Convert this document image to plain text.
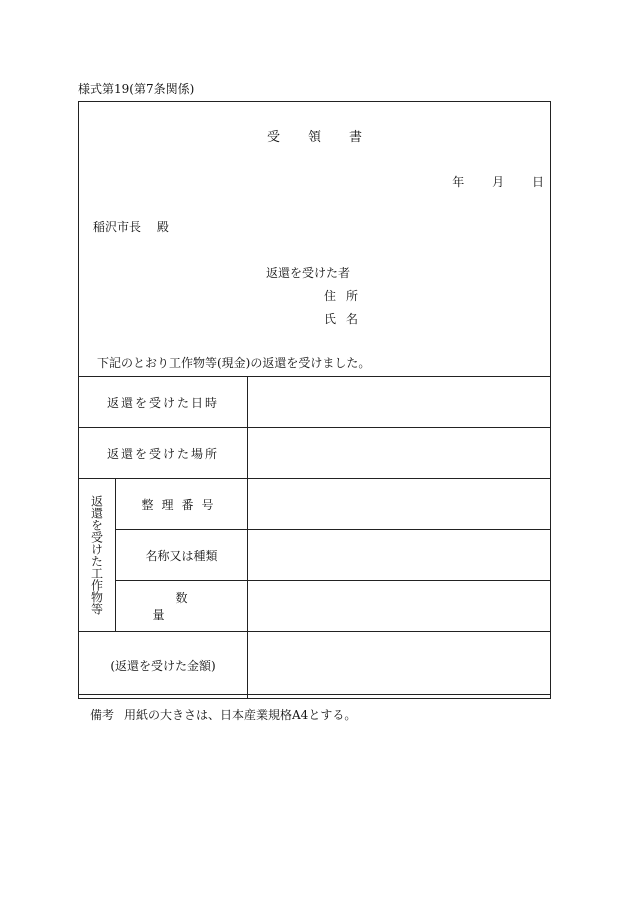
様式第19(第7条関係)
受領書
年 月 日
稲沢市長 殿
返還を受けた者
住所
氏名
下記のとおり工作物等(現金)の返還を受けました。
返還を受けた日時		
返還を受けた場所		
返還を受けた工作物等	整理番号	
	名称又は種類	
	数量	
(返還を受けた金額)		
備考 用紙の大きさは、日本産業規格A4とする。
